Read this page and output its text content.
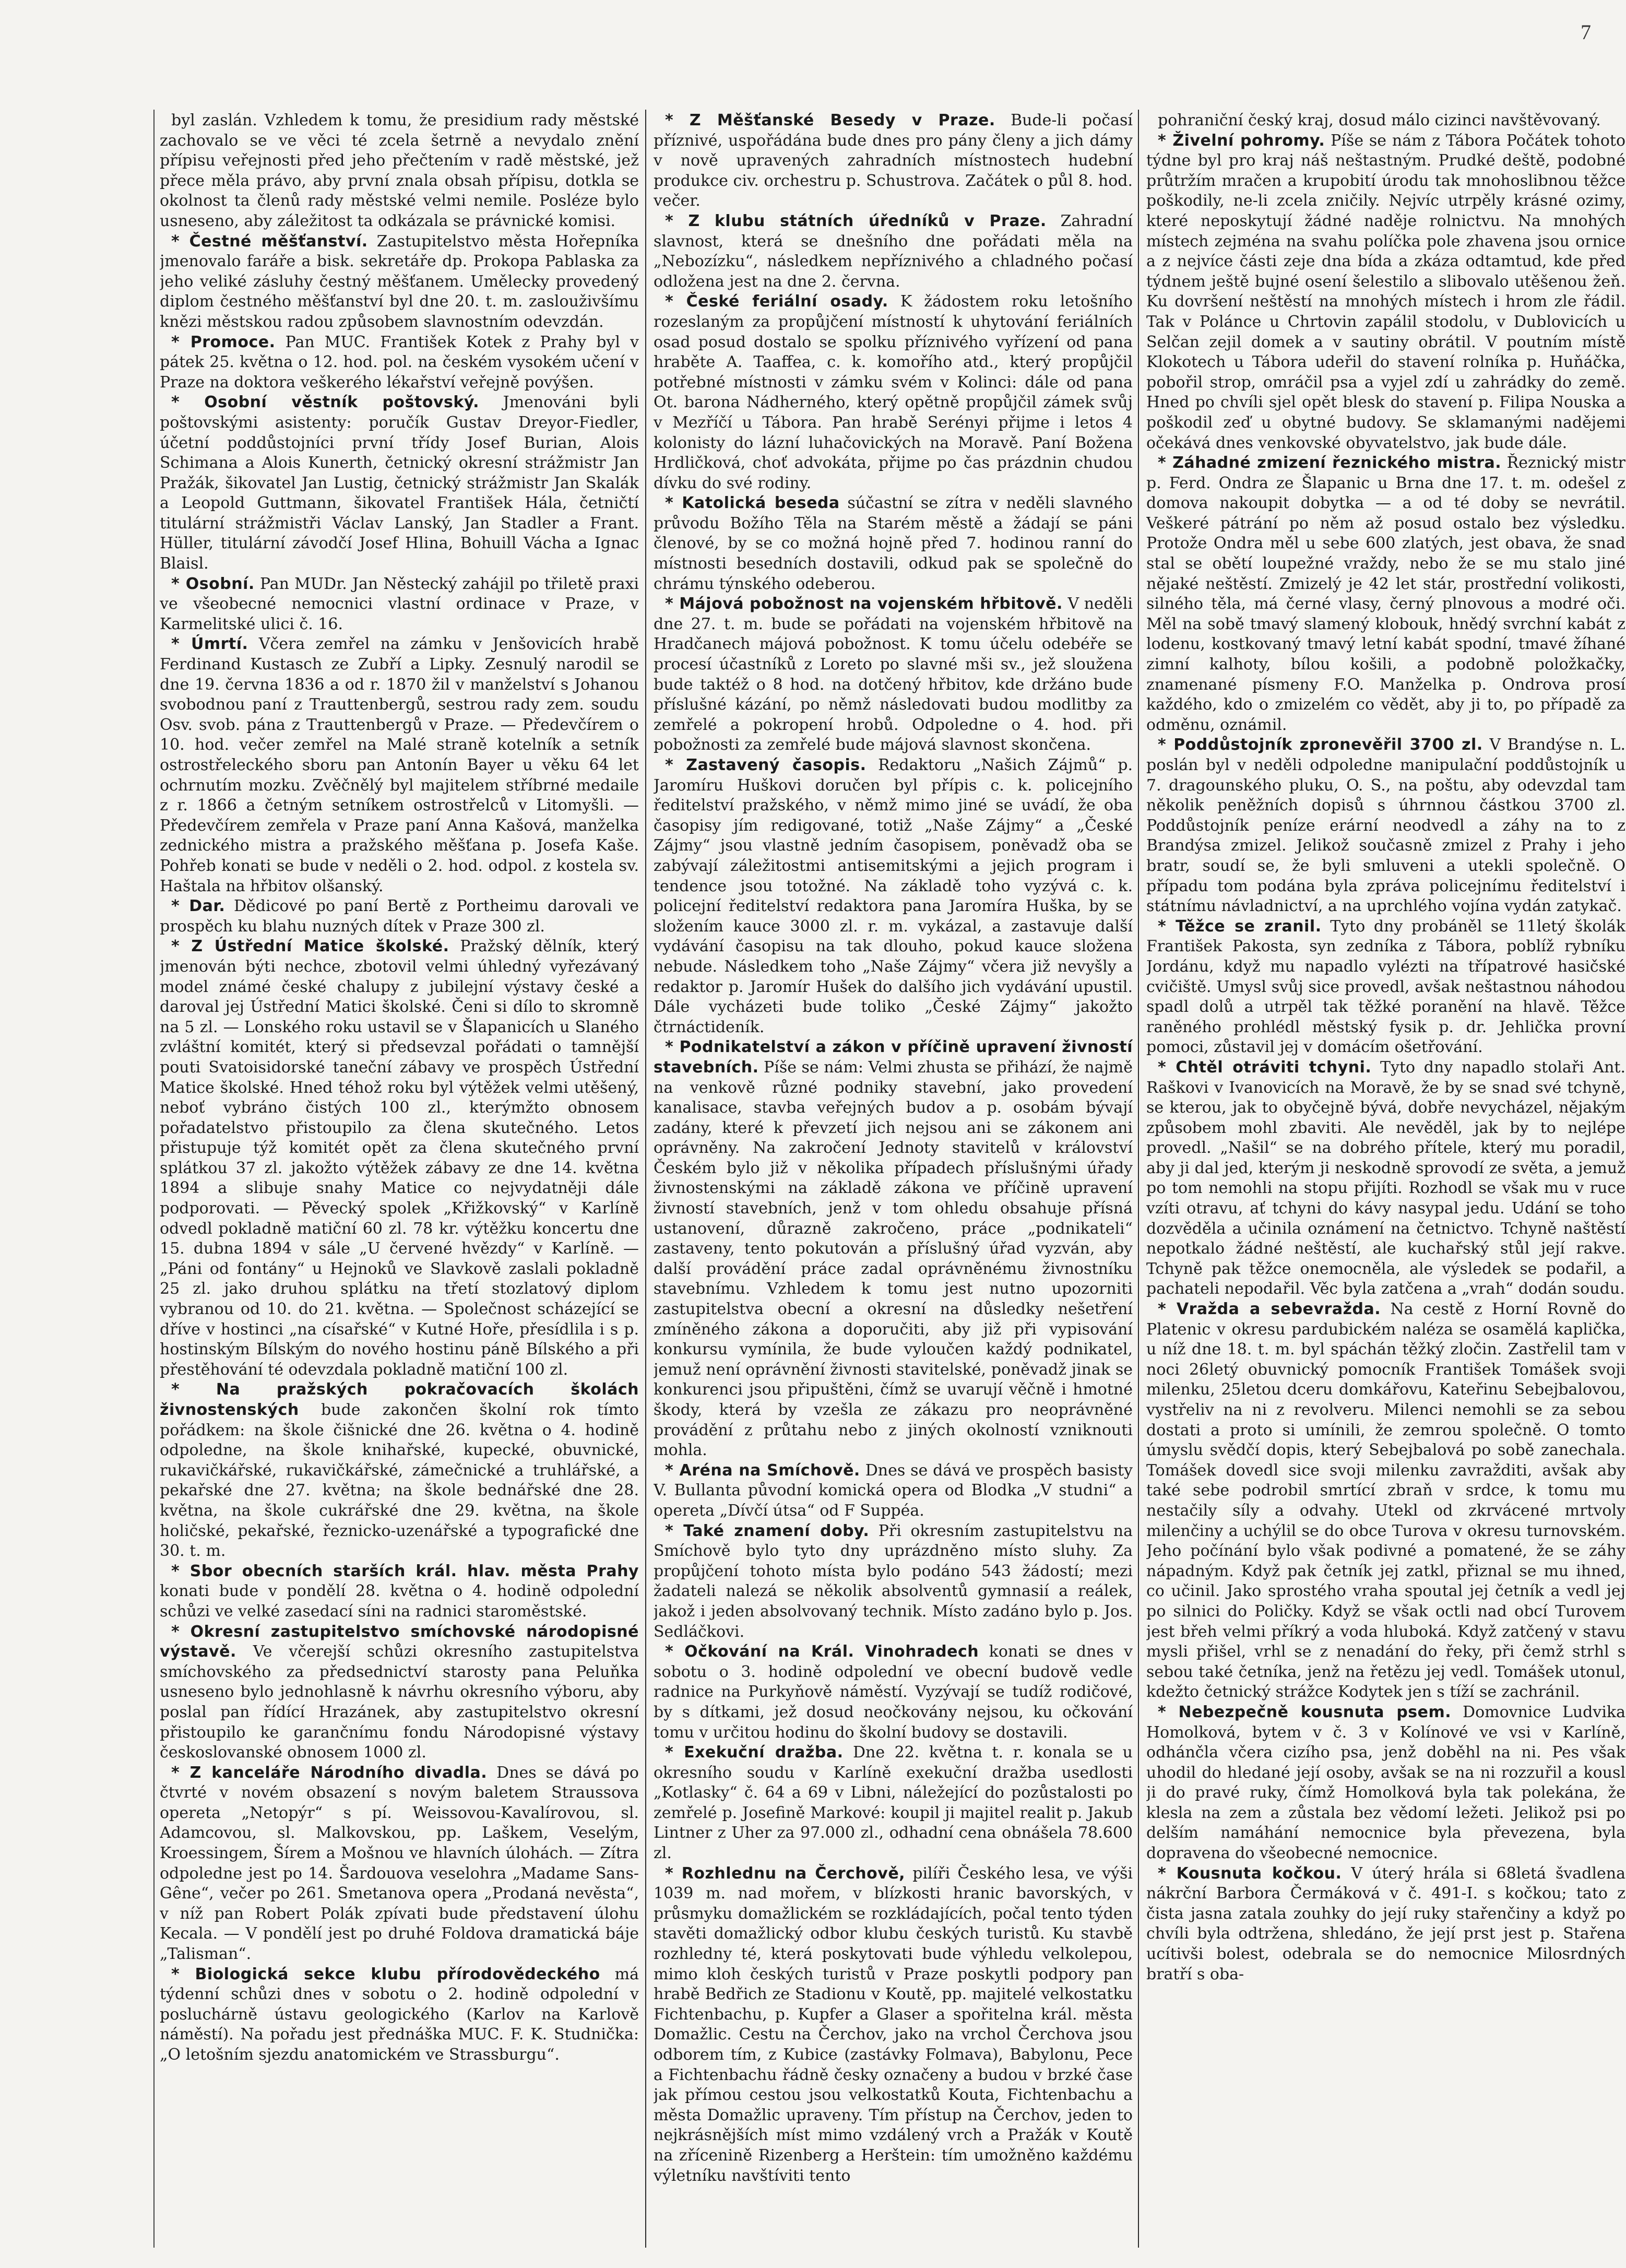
7

byl zaslán. Vzhledem k tomu, že presidium rady městské zachovalo se ve věci té zcela šetrně a nevydalo znění přípisu veřejnosti před jeho přečtením v radě městské, jež přece měla právo, aby první znala obsah přípisu, dotkla se okolnost ta členů rady městské velmi nemile. Posléze bylo usneseno, aby záležitost ta odkázala se právnické komisi.

* Čestné měšťanství. Zastupitelstvo města Hořepníka jmenovalo faráře a bisk. sekretáře dp. Prokopa Pablaska za jeho veliké zásluhy čestný měšťanem. Umělecky provedený diplom čestného měšťanství byl dne 20. t. m. zaslouživšímu knězi městskou radou způsobem slavnostním odevzdán.

* Promoce. Pan MUC. František Kotek z Prahy byl v pátek 25. května o 12. hod. pol. na českém vysokém učení v Praze na doktora veškerého lékařství veřejně povýšen.

* Osobní věstník poštovský. Jmenováni byli poštovskými asistenty: poručík Gustav Dreyor-Fiedler, účetní poddůstojníci první třídy Josef Burian, Alois Schimana a Alois Kunerth, četnický okresní strážmistr Jan Pražák, šikovatel Jan Lustig, četnický strážmistr Jan Skalák a Leopold Guttmann, šikovatel František Hála, četničtí titulární strážmistři Václav Lanský, Jan Stadler a Frant. Hüller, titulární závodčí Josef Hlina, Bohuill Vácha a Ignac Blaisl.

* Osobní. Pan MUDr. Jan Něstecký zahájil po třiletě praxi ve všeobecné nemocnici vlastní ordinace v Praze, v Karmelitské ulici č. 16.

* Úmrtí. Včera zemřel na zámku v Jenšovicích hrabě Ferdinand Kustasch ze Zubří a Lipky. Zesnulý narodil se dne 19. června 1836 a od r. 1870 žil v manželství s Johanou svobodnou paní z Trauttenbergů, sestrou rady zem. soudu Osv. svob. pána z Trauttenbergů v Praze. — Předevčírem o 10. hod. večer zemřel na Malé straně kotelník a setník ostrostřeleckého sboru pan Antonín Bayer u věku 64 let ochrnutím mozku. Zvěčnělý byl majitelem stříbrné medaile z r. 1866 a četným setníkem ostrostřelců v Litomyšli. — Předevčírem zemřela v Praze paní Anna Kašová, manželka zednického mistra a pražského měšťana p. Josefa Kaše. Pohřeb konati se bude v neděli o 2. hod. odpol. z kostela sv. Haštala na hřbitov olšanský.

* Dar. Dědicové po paní Bertě z Portheimu darovali ve prospěch ku blahu nuzných dítek v Praze 300 zl.

* Z Ústřední Matice školské. Pražský dělník, který jmenován býti nechce, zbotovil velmi úhledný vyřezávaný model známé české chalupy z jubilejní výstavy české a daroval jej Ústřední Matici školské. Čeni si dílo to skromně na 5 zl. — Lonského roku ustavil se v Šlapanicích u Slaného zvláštní komitét, který si předsevzal pořádati o tamnější pouti Svatoisidorské taneční zábavy ve prospěch Ústřední Matice školské. Hned téhož roku byl výtěžek velmi utěšený, neboť vybráno čistých 100 zl., kterýmžto obnosem pořadatelstvo přistoupilo za člena skutečného. Letos přistupuje týž komitét opět za člena skutečného první splátkou 37 zl. jakožto výtěžek zábavy ze dne 14. května 1894 a slibuje snahy Matice co nejvydatněji dále podporovati. — Pěvecký spolek „Křižkovský“ v Karlíně odvedl pokladně matiční 60 zl. 78 kr. výtěžku koncertu dne 15. dubna 1894 v sále „U červené hvězdy“ v Karlíně. — „Páni od fontány“ u Hejnoků ve Slavkově zaslali pokladně 25 zl. jako druhou splátku na třetí stozlatový diplom vybranou od 10. do 21. května. — Společnost scházející se dříve v hostinci „na císařské“ v Kutné Hoře, přesídlila i s p. hostinským Bílským do nového hostinu páně Bílského a při přestěhování té odevzdala pokladně matiční 100 zl.

* Na pražských pokračovacích školách živnostenských bude zakončen školní rok tímto pořádkem: na škole čišnické dne 26. května o 4. hodině odpoledne, na škole knihařské, kupecké, obuvnické, rukavičkářské, rukavičkářské, zámečnické a truhlářské, a pekařské dne 27. května; na škole bednářské dne 28. května, na škole cukrářské dne 29. května, na škole holičské, pekařské, řeznicko-uzenářské a typografické dne 30. t. m.

* Sbor obecních starších král. hlav. města Prahy konati bude v pondělí 28. května o 4. hodině odpolední schůzi ve velké zasedací síni na radnici staroměstské.

* Okresní zastupitelstvo smíchovské národopisné výstavě. Ve včerejší schůzi okresního zastupitelstva smíchovského za předsednictví starosty pana Peluňka usneseno bylo jednohlasně k návrhu okresního výboru, aby poslal pan řídící Hrazánek, aby zastupitelstvo okresní přistoupilo ke garančnímu fondu Národopisné výstavy českoslovanské obnosem 1000 zl.

* Z kanceláře Národního divadla. Dnes se dává po čtvrté v novém obsazení s novým baletem Straussova opereta „Netopýr“ s pí. Weissovou-Kavalírovou, sl. Adamcovou, sl. Malkovskou, pp. Laškem, Veselým, Kroessingem, Šírem a Mošnou ve hlavních úlohách. — Zítra odpoledne jest po 14. Šardouova veselohra „Madame Sans-Gêne“, večer po 261. Smetanova opera „Prodaná nevěsta“, v níž pan Robert Polák zpívati bude představení úlohu Kecala. — V pondělí jest po druhé Foldova dramatická báje „Talisman“.

* Biologická sekce klubu přírodovědeckého má týdenní schůzi dnes v sobotu o 2. hodině odpolední v posluchárně ústavu geologického (Karlov na Karlově náměstí). Na pořadu jest přednáška MUC. F. K. Studnička: „O letošním sjezdu anatomickém ve Strassburgu“.

* Z Měšťanské Besedy v Praze. Bude-li počasí příznivé, uspořádána bude dnes pro pány členy a jich dámy v nově upravených zahradních místnostech hudební produkce civ. orchestru p. Schustrova. Začátek o půl 8. hod. večer.

* Z klubu státních úředníků v Praze. Zahradní slavnost, která se dnešního dne pořádati měla na „Nebozízku“, následkem nepříznivého a chladného počasí odložena jest na dne 2. června.

* České feriální osady. K žádostem roku letošního rozeslaným za propůjčení místností k uhytování feriálních osad posud dostalo se spolku příznivého vyřízení od pana hraběte A. Taaffea, c. k. komořího atd., který propůjčil potřebné místnosti v zámku svém v Kolinci: dále od pana Ot. barona Nádherného, který opětně propůjčil zámek svůj v Mezříčí u Tábora. Pan hrabě Serényi přijme i letos 4 kolonisty do lázní luhačovických na Moravě. Paní Božena Hrdličková, choť advokáta, přijme po čas prázdnin chudou dívku do své rodiny.

* Katolická beseda súčastní se zítra v neděli slavného průvodu Božího Těla na Starém městě a žádají se páni členové, by se co možná hojně před 7. hodinou ranní do místnosti besedních dostavili, odkud pak se společně do chrámu týnského odeberou.

* Májová pobožnost na vojenském hřbitově. V neděli dne 27. t. m. bude se pořádati na vojenském hřbitově na Hradčanech májová pobožnost. K tomu účelu odebéře se procesí účastníků z Loreto po slavné mši sv., jež sloužena bude taktéž o 8 hod. na dotčený hřbitov, kde držáno bude příslušné kázání, po němž následovati budou modlitby za zemřelé a pokropení hrobů. Odpoledne o 4. hod. při pobožnosti za zemřelé bude májová slavnost skončena.

* Zastavený časopis. Redaktoru „Našich Zájmů“ p. Jaromíru Huškovi doručen byl přípis c. k. policejního ředitelství pražského, v němž mimo jiné se uvádí, že oba časopisy jím redigované, totiž „Naše Zájmy“ a „České Zájmy“ jsou vlastně jedním časopisem, poněvadž oba se zabývají záležitostmi antisemitskými a jejich program i tendence jsou totožné. Na základě toho vyzývá c. k. policejní ředitelství redaktora pana Jaromíra Huška, by se složením kauce 3000 zl. r. m. vykázal, a zastavuje další vydávání časopisu na tak dlouho, pokud kauce složena nebude. Následkem toho „Naše Zájmy“ včera již nevyšly a redaktor p. Jaromír Hušek do dalšího jich vydávání upustil. Dále vycházeti bude toliko „České Zájmy“ jakožto čtrnáctideník.

* Podnikatelství a zákon v příčině upravení živností stavebních. Píše se nám: Velmi zhusta se přihází, že najmě na venkově různé podniky stavební, jako provedení kanalisace, stavba veřejných budov a p. osobám bývají zadány, které k převzetí jich nejsou ani se zákonem ani oprávněny. Na zakročení Jednoty stavitelů v království Českém bylo již v několika případech příslušnými úřady živnostenskými na základě zákona ve příčině upravení živností stavebních, jenž v tom ohledu obsahuje přísná ustanovení, důrazně zakročeno, práce „podnikateli“ zastaveny, tento pokutován a příslušný úřad vyzván, aby další provádění práce zadal oprávněnému živnostníku stavebnímu. Vzhledem k tomu jest nutno upozorniti zastupitelstva obecní a okresní na důsledky nešetření zmíněného zákona a doporučiti, aby již při vypisování konkursu vymínila, že bude vyloučen každý podnikatel, jemuž není oprávnění živnosti stavitelské, poněvadž jinak se konkurenci jsou připuštěni, čímž se uvarují věčně i hmotné škody, která by vzešla ze zákazu pro neoprávněné provádění z průtahu nebo z jiných okolností vzniknouti mohla.

* Aréna na Smíchově. Dnes se dává ve prospěch basisty V. Bullanta původní komická opera od Blodka „V studni“ a opereta „Dívčí útsa“ od F Suppéa.

* Také znamení doby. Při okresním zastupitelstvu na Smíchově bylo tyto dny uprázdněno místo sluhy. Za propůjčení tohoto místa bylo podáno 543 žádostí; mezi žadateli nalezá se několik absolventů gymnasií a reálek, jakož i jeden absolvovaný technik. Místo zadáno bylo p. Jos. Sedláčkovi.

* Očkování na Král. Vinohradech konati se dnes v sobotu o 3. hodině odpolední ve obecní budově vedle radnice na Purkyňově náměstí. Vyzývají se tudíž rodičové, by s dítkami, jež dosud neočkovány nejsou, ku očkování tomu v určitou hodinu do školní budovy se dostavili.

* Exekuční dražba. Dne 22. května t. r. konala se u okresního soudu v Karlíně exekuční dražba usedlosti „Kotlasky“ č. 64 a 69 v Libni, náležející do pozůstalosti po zemřelé p. Josefině Markové: koupil ji majitel realit p. Jakub Lintner z Uher za 97.000 zl., odhadní cena obnášela 78.600 zl.

* Rozhlednu na Čerchově, pilíři Českého lesa, ve výši 1039 m. nad mořem, v blízkosti hranic bavorských, v průsmyku domažlickém se rozkládajících, počal tento týden stavěti domažlický odbor klubu českých turistů. Ku stavbě rozhledny té, která poskytovati bude výhledu velkolepou, mimo kloh českých turistů v Praze poskytli podpory pan hrabě Bedřich ze Stadionu v Koutě, pp. majitelé velkostatku Fichtenbachu, p. Kupfer a Glaser a spořitelna král. města Domažlic. Cestu na Čerchov, jako na vrchol Čerchova jsou odborem tím, z Kubice (zastávky Folmava), Babylonu, Pece a Fichtenbachu řádně česky označeny a budou v brzké čase jak přímou cestou jsou velkostatků Kouta, Fichtenbachu a města Domažlic upraveny. Tím přístup na Čerchov, jeden to nejkrásnějších míst mimo vzdálený vrch a Pražák v Koutě na zřícenině Rizenberg a Herštein: tím umožněno každému výletníku navštíviti tento

pohraniční český kraj, dosud málo cizinci navštěvovaný.

* Živelní pohromy. Píše se nám z Tábora Počátek tohoto týdne byl pro kraj náš neštastným. Prudké deště, podobné průtržím mračen a krupobití úrodu tak mnohoslibnou těžce poškodily, ne-li zcela zničily. Nejvíc utrpěly krásné ozimy, které neposkytují žádné naděje rolnictvu. Na mnohých místech zejména na svahu políčka pole zhavena jsou ornice a z nejvíce části zeje dna bída a zkáza odtamtud, kde před týdnem ještě bujné osení šelestilo a slibovalo utěšenou žeň. Ku dovršení neštěstí na mnohých místech i hrom zle řádil. Tak v Polánce u Chrtovin zapálil stodolu, v Dublovicích u Selčan zejil domek a v sautiny obrátil. V poutním místě Klokotech u Tábora udeřil do stavení rolníka p. Huňáčka, pobořil strop, omráčil psa a vyjel zdí u zahrádky do země. Hned po chvíli sjel opět blesk do stavení p. Filipa Nouska a poškodil zeď u obytné budovy. Se sklamanými nadějemi očekává dnes venkovské obyvatelstvo, jak bude dále.

* Záhadné zmizení řeznického mistra. Řeznický mistr p. Ferd. Ondra ze Šlapanic u Brna dne 17. t. m. odešel z domova nakoupit dobytka — a od té doby se nevrátil. Veškeré pátrání po něm až posud ostalo bez výsledku. Protože Ondra měl u sebe 600 zlatých, jest obava, že snad stal se obětí loupežné vraždy, nebo že se mu stalo jiné nějaké neštěstí. Zmizelý je 42 let stár, prostřední volikosti, silného těla, má černé vlasy, černý plnovous a modré oči. Měl na sobě tmavý slamený klobouk, hnědý svrchní kabát z lodenu, kostkovaný tmavý letní kabát spodní, tmavé žíhané zimní kalhoty, bílou košili, a podobně položkačky, znamenané písmeny F.O. Manželka p. Ondrova prosí každého, kdo o zmizelém co vědět, aby ji to, po případě za odměnu, oznámil.

* Poddůstojník zpronevěřil 3700 zl. V Brandýse n. L. poslán byl v neděli odpoledne manipulační poddůstojník u 7. dragounského pluku, O. S., na poštu, aby odevzdal tam několik peněžních dopisů s úhrnnou částkou 3700 zl. Poddůstojník peníze erární neodvedl a záhy na to z Brandýsa zmizel. Jelikož současně zmizel z Prahy i jeho bratr, soudí se, že byli smluveni a utekli společně. O případu tom podána byla zpráva policejnímu ředitelství i státnímu návladnictví, a na uprchlého vojína vydán zatykač.

* Těžce se zranil. Tyto dny probáněl se 11letý školák František Pakosta, syn zedníka z Tábora, poblíž rybníku Jordánu, když mu napadlo vylézti na třípatrové hasičské cvičiště. Umysl svůj sice provedl, avšak neštastnou náhodou spadl dolů a utrpěl tak těžké poranění na hlavě. Těžce raněného prohlédl městský fysik p. dr. Jehlička provní pomoci, zůstavil jej v domácím ošetřování.

* Chtěl otráviti tchyni. Tyto dny napadlo stolaři Ant. Raškovi v Ivanovicích na Moravě, že by se snad své tchyně, se kterou, jak to obyčejně bývá, dobře nevycházel, nějakým způsobem mohl zbaviti. Ale nevěděl, jak by to nejlépe provedl. „Našil“ se na dobrého přítele, který mu poradil, aby ji dal jed, kterým ji neskodně sprovodí ze světa, a jemuž po tom nemohli na stopu přijíti. Rozhodl se však mu v ruce vzíti otravu, ať tchyni do kávy nasypal jedu. Udání se toho dozvěděla a učinila oznámení na četnictvo. Tchyně naštěstí nepotkalo žádné neštěstí, ale kuchařský stůl její rakve. Tchyně pak těžce onemocněla, ale výsledek se podařil, a pachateli nepodařil. Věc byla zatčena a „vrah“ dodán soudu.

* Vražda a sebevražda. Na cestě z Horní Rovně do Platenic v okresu pardubickém naléza se osamělá kaplička, u níž dne 18. t. m. byl spáchán těžký zločin. Zastřelil tam v noci 26letý obuvnický pomocník František Tomášek svoji milenku, 25letou dceru domkářovu, Kateřinu Sebejbalovou, vystřeliv na ni z revolveru. Milenci nemohli se za sebou dostati a proto si umínili, že zemrou společně. O tomto úmyslu svědčí dopis, který Sebejbalová po sobě zanechala. Tomášek dovedl sice svoji milenku zavražditi, avšak aby také sebe podrobil smrtící zbraň v srdce, k tomu mu nestačily síly a odvahy. Utekl od zkrvácené mrtvoly milenčiny a uchýlil se do obce Turova v okresu turnovském. Jeho počínání bylo však podivné a pomatené, že se záhy nápadným. Když pak četník jej zatkl, přiznal se mu ihned, co učinil. Jako sprostého vraha spoutal jej četník a vedl jej po silnici do Poličky. Když se však octli nad obcí Turovem jest břeh velmi příkrý a voda hluboká. Když zatčený v stavu mysli přišel, vrhl se z nenadání do řeky, při čemž strhl s sebou také četníka, jenž na řetězu jej vedl. Tomášek utonul, kdežto četnický strážce Kodytek jen s tíží se zachránil.

* Nebezpečně kousnuta psem. Domovnice Ludvika Homolková, bytem v č. 3 v Kolínové ve vsi v Karlíně, odhánčla včera cizího psa, jenž doběhl na ni. Pes však uhodil do hledané její osoby, avšak se na ni rozzuřil a kousl ji do pravé ruky, čímž Homolková byla tak polekána, že klesla na zem a zůstala bez vědomí ležeti. Jelikož psi po delším namáhání nemocnice byla převezena, byla dopravena do všeobecné nemocnice.

* Kousnuta kočkou. V úterý hrála si 68letá švadlena nákrční Barbora Čermáková v č. 491-I. s kočkou; tato z čista jasna zatala zouhky do její ruky stařenčiny a když po chvíli byla odtržena, shledáno, že její prst jest p. Stařena ucítivši bolest, odebrala se do nemocnice Milosrdných bratří s oba-
